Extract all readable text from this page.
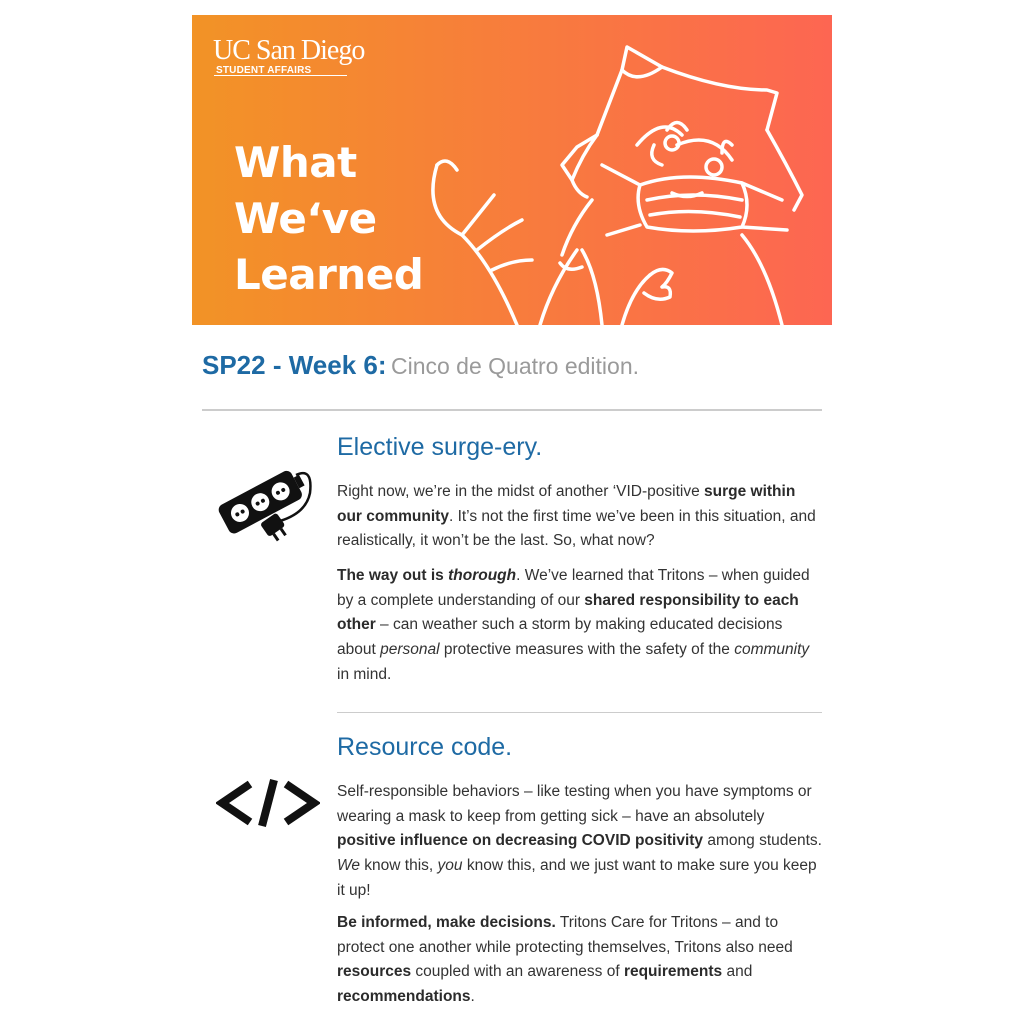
UC San Diego
STUDENT AFFAIRS
What
We‘ve
Learned
SP22 - Week 6: Cinco de Quatro edition.
Elective surge-ery.
Right now, we’re in the midst of another ‘VID-positive surge within our community. It’s not the first time we’ve been in this situation, and realistically, it won’t be the last. So, what now?
The way out is thorough. We’ve learned that Tritons – when guided by a complete understanding of our shared responsibility to each other – can weather such a storm by making educated decisions about personal protective measures with the safety of the community in mind.
Resource code.
Self-responsible behaviors – like testing when you have symptoms or wearing a mask to keep from getting sick – have an absolutely positive influence on decreasing COVID positivity among students. We know this, you know this, and we just want to make sure you keep it up!
Be informed, make decisions. Tritons Care for Tritons – and to protect one another while protecting themselves, Tritons also need resources coupled with an awareness of requirements and recommendations.
